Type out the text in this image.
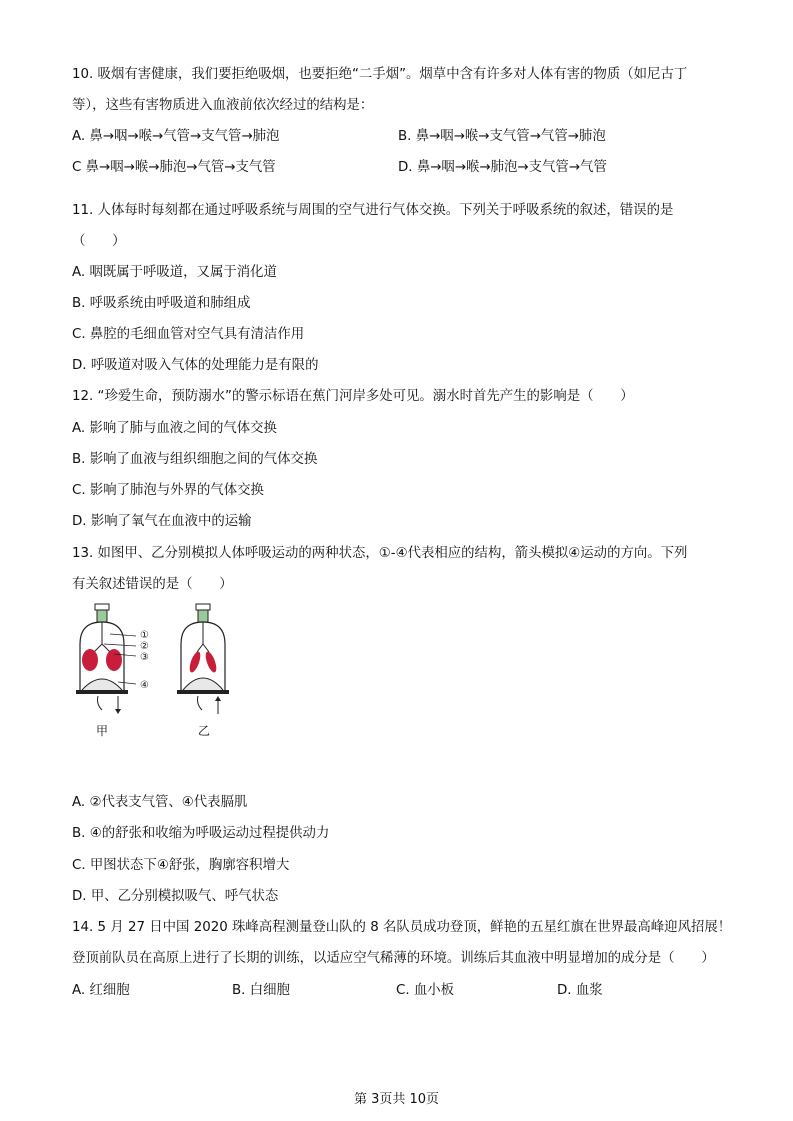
10. 吸烟有害健康，我们要拒绝吸烟，也要拒绝“二手烟”。烟草中含有许多对人体有害的物质（如尼古丁
等），这些有害物质进入血液前依次经过的结构是：
A. 鼻→咽→喉→气管→支气管→肺泡	B. 鼻→咽→喉→支气管→气管→肺泡
C 鼻→咽→喉→肺泡→气管→支气管	D. 鼻→咽→喉→肺泡→支气管→气管
11. 人体每时每刻都在通过呼吸系统与周围的空气进行气体交换。下列关于呼吸系统的叙述，错误的是
（　　）
A. 咽既属于呼吸道，又属于消化道
B. 呼吸系统由呼吸道和肺组成
C. 鼻腔的毛细血管对空气具有清洁作用
D. 呼吸道对吸入气体的处理能力是有限的
12. “珍爱生命，预防溺水”的警示标语在蕉门河岸多处可见。溺水时首先产生的影响是（　　）
A. 影响了肺与血液之间的气体交换
B. 影响了血液与组织细胞之间的气体交换
C. 影响了肺泡与外界的气体交换
D. 影响了氧气在血液中的运输
13. 如图甲、乙分别模拟人体呼吸运动的两种状态，①-④代表相应的结构，箭头模拟④运动的方向。下列
有关叙述错误的是（　　）
①
②
③
④
甲	乙
A. ②代表支气管、④代表膈肌
B. ④的舒张和收缩为呼吸运动过程提供动力
C. 甲图状态下④舒张，胸廓容积增大
D. 甲、乙分别模拟吸气、呼气状态
14. 5 月 27 日中国 2020 珠峰高程测量登山队的 8 名队员成功登顶，鲜艳的五星红旗在世界最高峰迎风招展！
登顶前队员在高原上进行了长期的训练，以适应空气稀薄的环境。训练后其血液中明显增加的成分是（　　）
A. 红细胞	B. 白细胞	C. 血小板	D. 血浆
第 3页共 10页
